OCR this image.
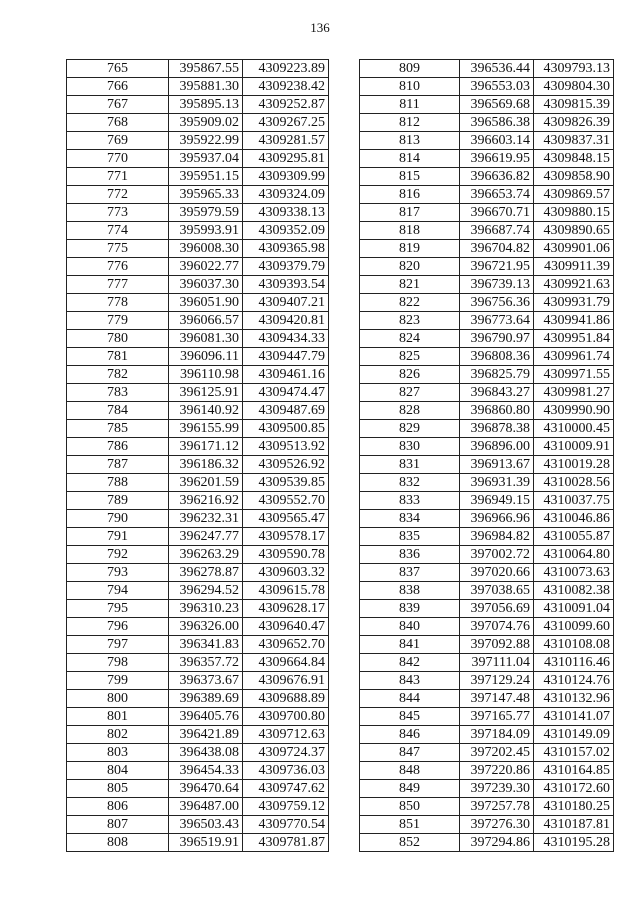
136
765	395867.55	4309223.89
766	395881.30	4309238.42
767	395895.13	4309252.87
768	395909.02	4309267.25
769	395922.99	4309281.57
770	395937.04	4309295.81
771	395951.15	4309309.99
772	395965.33	4309324.09
773	395979.59	4309338.13
774	395993.91	4309352.09
775	396008.30	4309365.98
776	396022.77	4309379.79
777	396037.30	4309393.54
778	396051.90	4309407.21
779	396066.57	4309420.81
780	396081.30	4309434.33
781	396096.11	4309447.79
782	396110.98	4309461.16
783	396125.91	4309474.47
784	396140.92	4309487.69
785	396155.99	4309500.85
786	396171.12	4309513.92
787	396186.32	4309526.92
788	396201.59	4309539.85
789	396216.92	4309552.70
790	396232.31	4309565.47
791	396247.77	4309578.17
792	396263.29	4309590.78
793	396278.87	4309603.32
794	396294.52	4309615.78
795	396310.23	4309628.17
796	396326.00	4309640.47
797	396341.83	4309652.70
798	396357.72	4309664.84
799	396373.67	4309676.91
800	396389.69	4309688.89
801	396405.76	4309700.80
802	396421.89	4309712.63
803	396438.08	4309724.37
804	396454.33	4309736.03
805	396470.64	4309747.62
806	396487.00	4309759.12
807	396503.43	4309770.54
808	396519.91	4309781.87
809	396536.44	4309793.13
810	396553.03	4309804.30
811	396569.68	4309815.39
812	396586.38	4309826.39
813	396603.14	4309837.31
814	396619.95	4309848.15
815	396636.82	4309858.90
816	396653.74	4309869.57
817	396670.71	4309880.15
818	396687.74	4309890.65
819	396704.82	4309901.06
820	396721.95	4309911.39
821	396739.13	4309921.63
822	396756.36	4309931.79
823	396773.64	4309941.86
824	396790.97	4309951.84
825	396808.36	4309961.74
826	396825.79	4309971.55
827	396843.27	4309981.27
828	396860.80	4309990.90
829	396878.38	4310000.45
830	396896.00	4310009.91
831	396913.67	4310019.28
832	396931.39	4310028.56
833	396949.15	4310037.75
834	396966.96	4310046.86
835	396984.82	4310055.87
836	397002.72	4310064.80
837	397020.66	4310073.63
838	397038.65	4310082.38
839	397056.69	4310091.04
840	397074.76	4310099.60
841	397092.88	4310108.08
842	397111.04	4310116.46
843	397129.24	4310124.76
844	397147.48	4310132.96
845	397165.77	4310141.07
846	397184.09	4310149.09
847	397202.45	4310157.02
848	397220.86	4310164.85
849	397239.30	4310172.60
850	397257.78	4310180.25
851	397276.30	4310187.81
852	397294.86	4310195.28
